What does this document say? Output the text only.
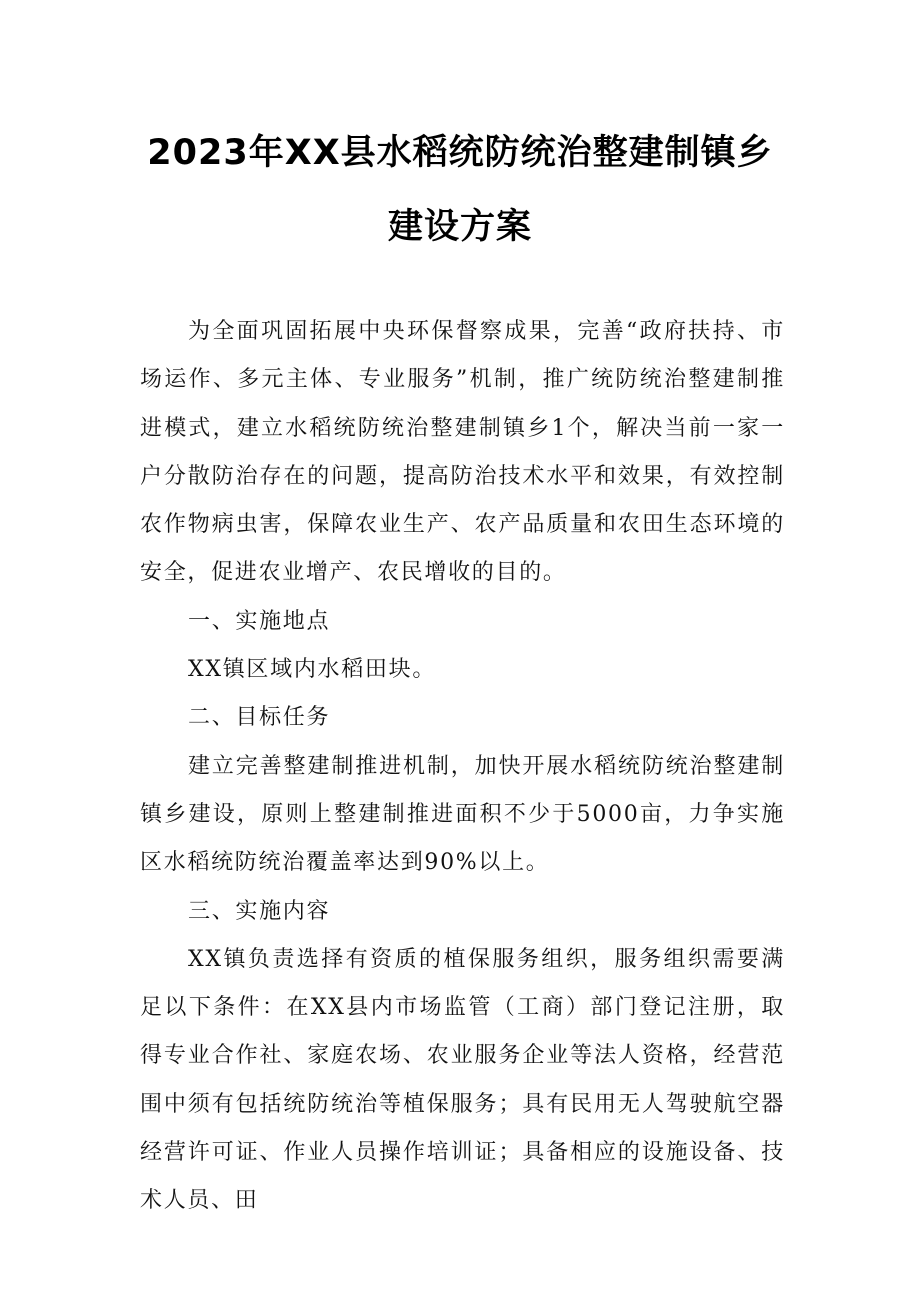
2023年XX县水稻统防统治整建制镇乡
建设方案

为全面巩固拓展中央环保督察成果，完善“政府扶持、市场运作、多元主体、专业服务”机制，推广统防统治整建制推进模式，建立水稻统防统治整建制镇乡1个，解决当前一家一户分散防治存在的问题，提高防治技术水平和效果，有效控制农作物病虫害，保障农业生产、农产品质量和农田生态环境的安全，促进农业增产、农民增收的目的。

一、实施地点

XX镇区域内水稻田块。

二、目标任务

建立完善整建制推进机制，加快开展水稻统防统治整建制镇乡建设，原则上整建制推进面积不少于5000亩，力争实施区水稻统防统治覆盖率达到90%以上。

三、实施内容

XX镇负责选择有资质的植保服务组织，服务组织需要满足以下条件：在XX县内市场监管（工商）部门登记注册，取得专业合作社、家庭农场、农业服务企业等法人资格，经营范围中须有包括统防统治等植保服务；具有民用无人驾驶航空器经营许可证、作业人员操作培训证；具备相应的设施设备、技术人员、田
